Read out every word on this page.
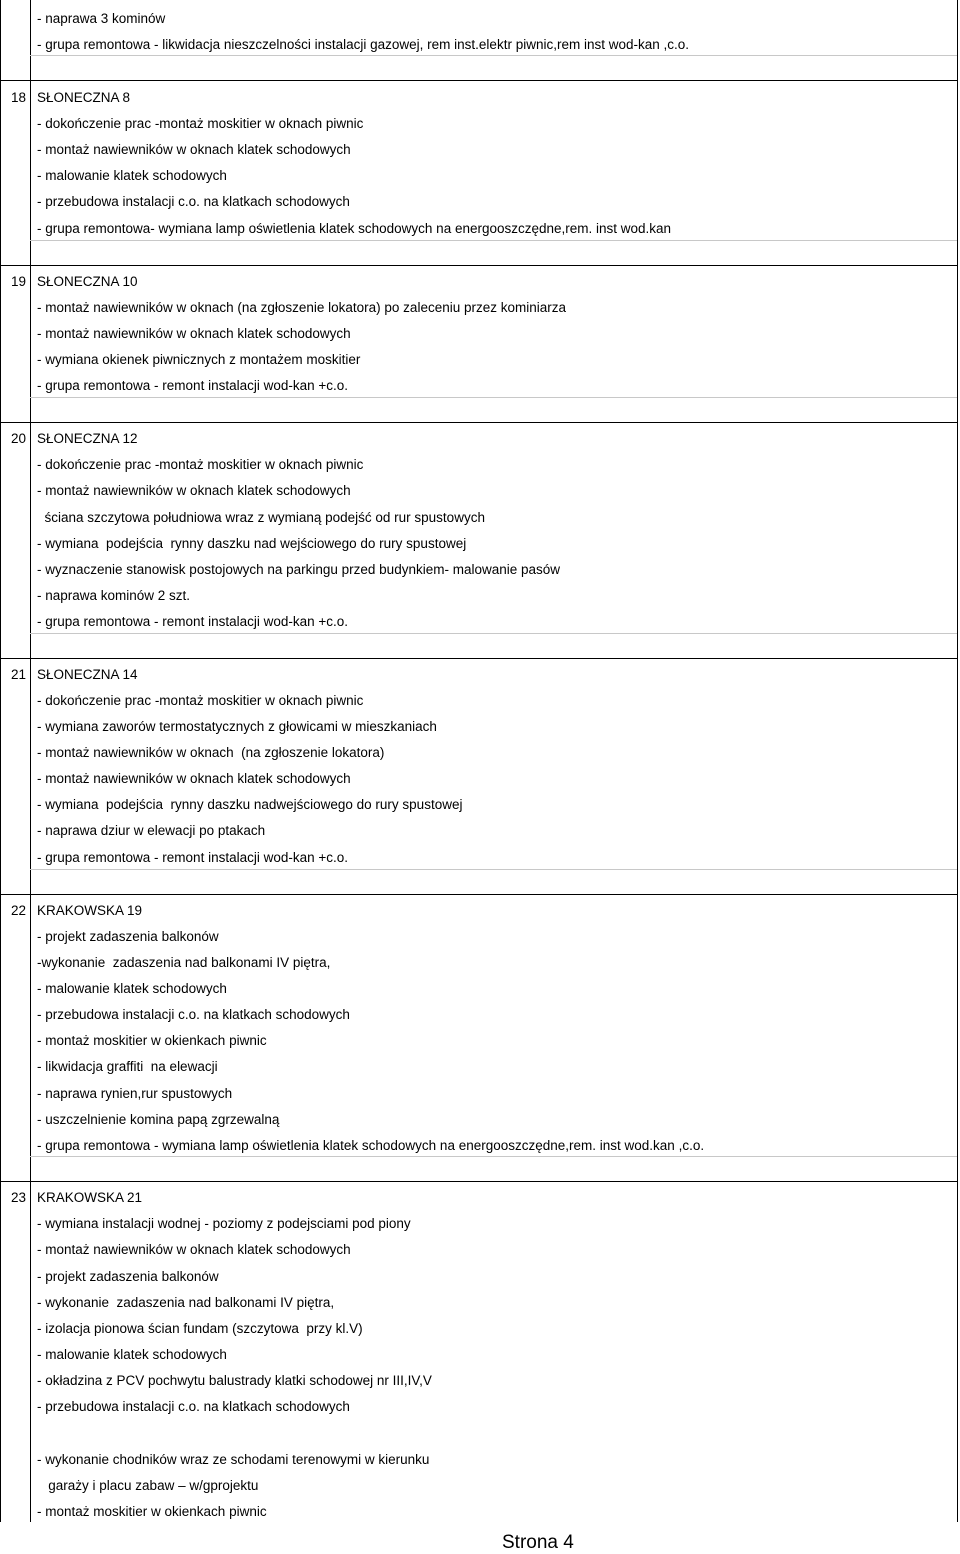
- naprawa 3 kominów
- grupa remontowa - likwidacja nieszczelności instalacji gazowej, rem inst.elektr piwnic,rem inst wod-kan ,c.o.
18 SŁONECZNA 8
- dokończenie prac -montaż moskitier w oknach piwnic
- montaż nawiewników w oknach klatek schodowych
- malowanie klatek schodowych
- przebudowa instalacji c.o. na klatkach schodowych
- grupa remontowa- wymiana lamp oświetlenia klatek schodowych na energooszczędne,rem. inst wod.kan
19 SŁONECZNA 10
- montaż nawiewników w oknach (na zgłoszenie lokatora) po zaleceniu przez kominiarza
- montaż nawiewników w oknach klatek schodowych
- wymiana okienek piwnicznych z montażem moskitier
- grupa remontowa - remont instalacji wod-kan +c.o.
20 SŁONECZNA 12
- dokończenie prac -montaż moskitier w oknach piwnic
- montaż nawiewników w oknach klatek schodowych
ściana szczytowa południowa wraz z wymianą podejść od rur spustowych
- wymiana  podejścia  rynny daszku nad wejściowego do rury spustowej
- wyznaczenie stanowisk postojowych na parkingu przed budynkiem- malowanie pasów
- naprawa kominów 2 szt.
- grupa remontowa - remont instalacji wod-kan +c.o.
21 SŁONECZNA 14
- dokończenie prac -montaż moskitier w oknach piwnic
- wymiana zaworów termostatycznych z głowicami w mieszkaniach
- montaż nawiewników w oknach  (na zgłoszenie lokatora)
- montaż nawiewników w oknach klatek schodowych
- wymiana  podejścia  rynny daszku nadwejściowego do rury spustowej
- naprawa dziur w elewacji po ptakach
- grupa remontowa - remont instalacji wod-kan +c.o.
22 KRAKOWSKA 19
- projekt zadaszenia balkonów
-wykonanie  zadaszenia nad balkonami IV piętra,
- malowanie klatek schodowych
- przebudowa instalacji c.o. na klatkach schodowych
- montaż moskitier w okienkach piwnic
- likwidacja graffiti  na elewacji
- naprawa rynien,rur spustowych
- uszczelnienie komina papą zgrzewalną
- grupa remontowa - wymiana lamp oświetlenia klatek schodowych na energooszczędne,rem. inst wod.kan ,c.o.
23 KRAKOWSKA 21
- wymiana instalacji wodnej - poziomy z podejsciami pod piony
- montaż nawiewników w oknach klatek schodowych
- projekt zadaszenia balkonów
- wykonanie  zadaszenia nad balkonami IV piętra,
- izolacja pionowa ścian fundam (szczytowa  przy kl.V)
- malowanie klatek schodowych
- okładzina z PCV pochwytu balustrady klatki schodowej nr III,IV,V
- przebudowa instalacji c.o. na klatkach schodowych
- wykonanie chodników wraz ze schodami terenowymi w kierunku
garaży i placu zabaw – w/gprojektu
- montaż moskitier w okienkach piwnic
Strona 4
